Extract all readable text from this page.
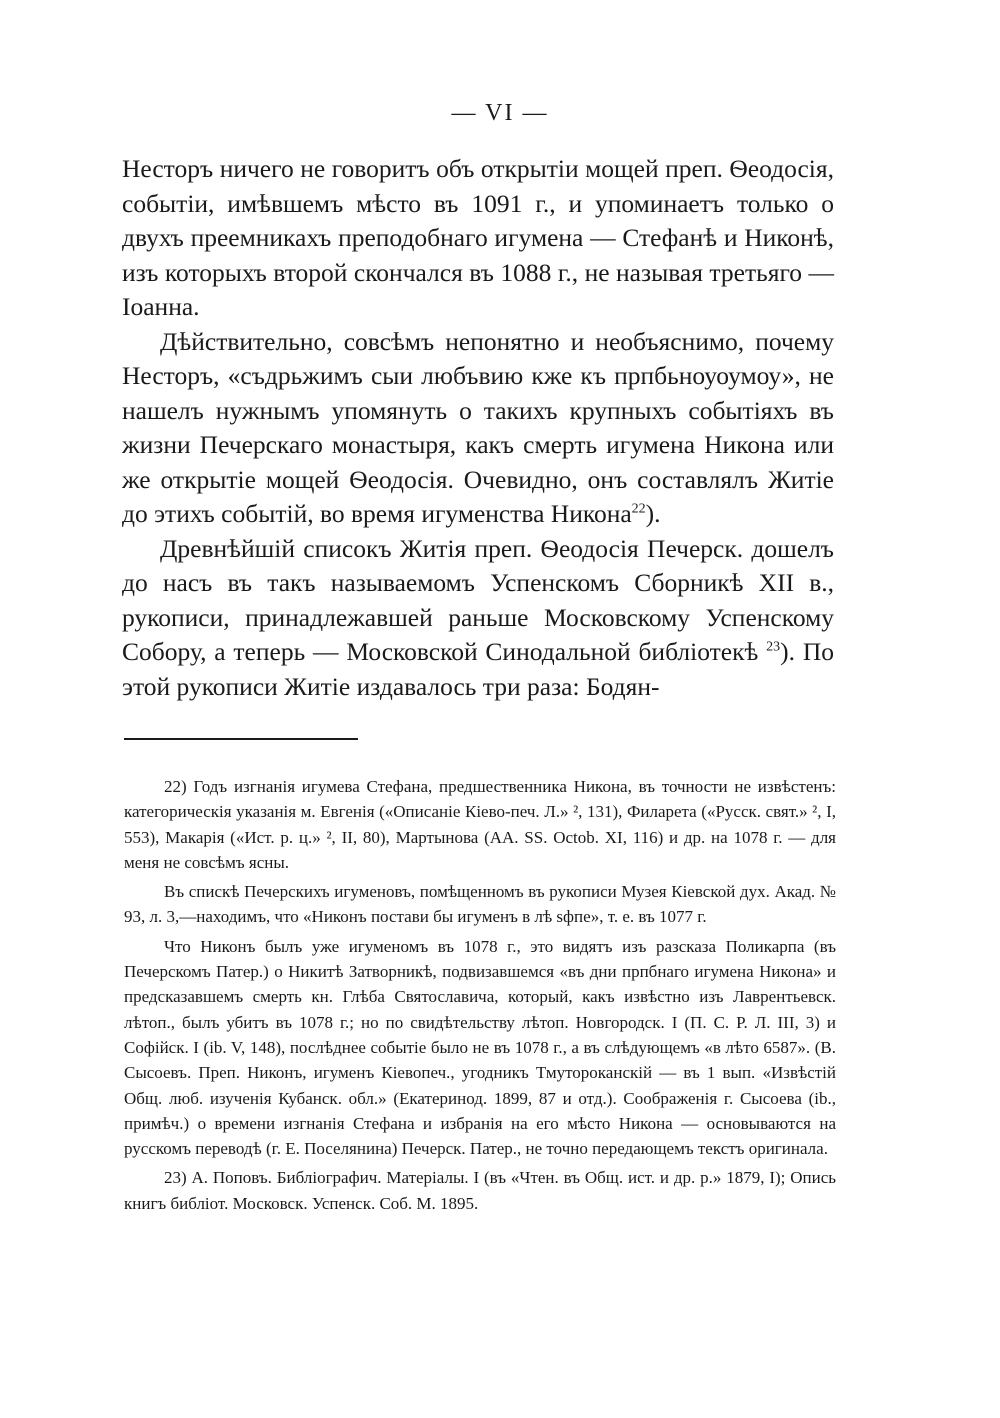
— VI —

Несторъ ничего не говоритъ объ открытіи мощей преп. Ѳеодосія, событіи, имѣвшемъ мѣсто въ 1091 г., и упоминаетъ только о двухъ преемникахъ преподобнаго игумена — Стефанѣ и Никонѣ, изъ которыхъ второй скончался въ 1088 г., не называя третьяго — Іоанна.

Дѣйствительно, совсѣмъ непонятно и необъяснимо, почему Несторъ, «съдрьжимъ сыи любъвию кже къ прпбьноуоумоу», не нашелъ нужнымъ упомянуть о такихъ крупныхъ событіяхъ въ жизни Печерскаго монастыря, какъ смерть игумена Никона или же открытіе мощей Ѳеодосія. Очевидно, онъ составлялъ Житіе до этихъ событій, во время игуменства Никона$^{22}$).

Древнѣйшій списокъ Житія преп. Ѳеодосія Печерск. дошелъ до насъ въ такъ называемомъ Успенскомъ Сборникѣ XII в., рукописи, принадлежавшей раньше Московскому Успенскому Собору, а теперь — Московской Синодальной библіотекѣ $^{23}$). По этой рукописи Житіе издавалось три раза: Бодян-

22) Годъ изгнанія игумева Стефана, предшественника Никона, въ точности не извѣстенъ: категорическія указанія м. Евгенія («Описаніе Кіево-печ. Л.» ², 131), Филарета («Русск. свят.» ², I, 553), Макарія («Ист. р. ц.» ², II, 80), Мартынова (AA. SS. Octob. XI, 116) и др. на 1078 г. — для меня не совсѣмъ ясны.

Въ спискѣ Печерскихъ игуменовъ, помѣщенномъ въ рукописи Музея Кіевской дух. Акад. № 93, л. 3,—находимъ, что «Никонъ постави бы игуменъ в лѣ ѕфпе», т. е. въ 1077 г.

Что Никонъ былъ уже игуменомъ въ 1078 г., это видятъ изъ разсказа Поликарпа (въ Печерскомъ Патер.) о Никитѣ Затворникѣ, подвизавшемся «въ дни прпбнаго игумена Никона» и предсказавшемъ смерть кн. Глѣба Святославича, который, какъ извѣстно изъ Лаврентьевск. лѣтоп., былъ убитъ въ 1078 г.; но по свидѣтельству лѣтоп. Новгородск. I (П. С. Р. Л. III, 3) и Софійск. I (ib. V, 148), послѣднее событіе было не въ 1078 г., а въ слѣдующемъ «в лѣто 6587». (В. Сысоевъ. Преп. Никонъ, игуменъ Кіевопеч., угодникъ Тмутороканскій — въ 1 вып. «Извѣстій Общ. люб. изученія Кубанск. обл.» (Екатеринод. 1899, 87 и отд.). Соображенія г. Сысоева (ib., примѣч.) о времени изгнанія Стефана и избранія на его мѣсто Никона — основываются на русскомъ переводѣ (г. Е. Поселянина) Печерск. Патер., не точно передающемъ текстъ оригинала.

23) А. Поповъ. Библіографич. Матеріалы. I (въ «Чтен. въ Общ. ист. и др. р.» 1879, I); Опись книгъ библіот. Московск. Успенск. Соб. М. 1895.
